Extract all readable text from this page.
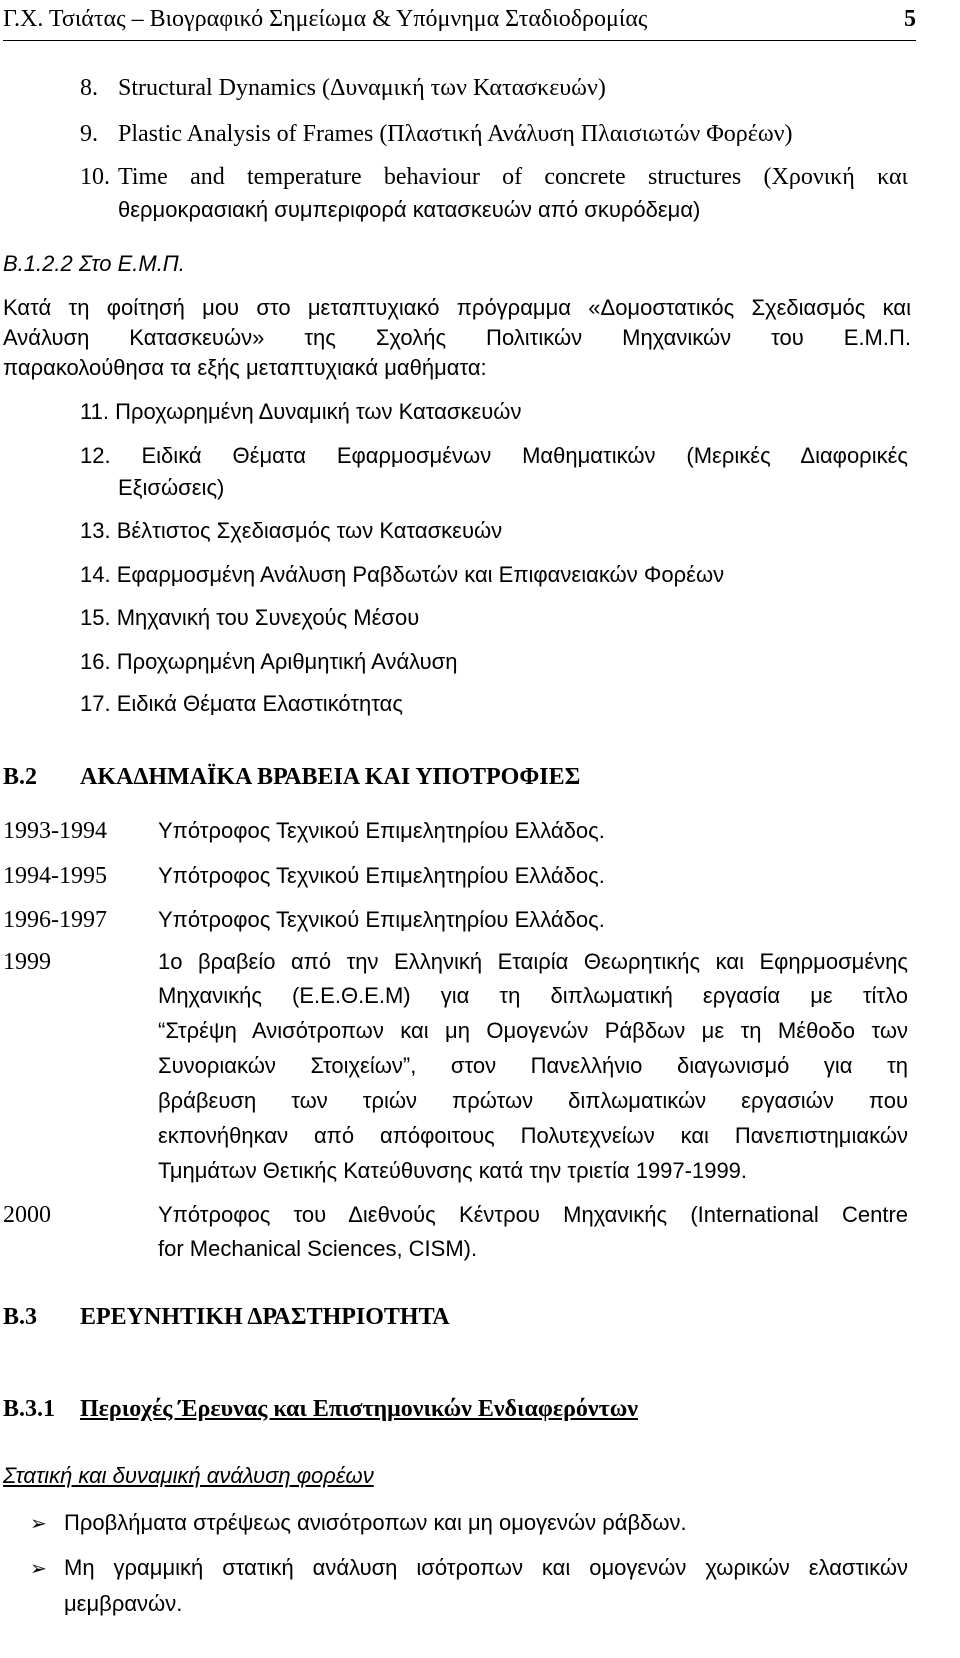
Γ.Χ. Τσιάτας – Βιογραφικό Σημείωμα & Υπόμνημα Σταδιοδρομίας	5
8. Structural Dynamics (Δυναμική των Κατασκευών)
9. Plastic Analysis of Frames (Πλαστική Ανάλυση Πλαισιωτών Φορέων)
10. Time and temperature behaviour of concrete structures (Χρονική και
θερμοκρασιακή συμπεριφορά κατασκευών από σκυρόδεμα)
Β.1.2.2 Στο Ε.Μ.Π.
Κατά τη φοίτησή μου στο μεταπτυχιακό πρόγραμμα «Δομοστατικός Σχεδιασμός και
Ανάλυση Κατασκευών» της Σχολής Πολιτικών Μηχανικών του Ε.Μ.Π.
παρακολούθησα τα εξής μεταπτυχιακά μαθήματα:
11. Προχωρημένη Δυναμική των Κατασκευών
12. Ειδικά Θέματα Εφαρμοσμένων Μαθηματικών (Μερικές Διαφορικές
Εξισώσεις)
13. Βέλτιστος Σχεδιασμός των Κατασκευών
14. Εφαρμοσμένη Ανάλυση Ραβδωτών και Επιφανειακών Φορέων
15. Μηχανική του Συνεχούς Μέσου
16. Προχωρημένη Αριθμητική Ανάλυση
17. Ειδικά Θέματα Ελαστικότητας
Β.2 ΑΚΑΔΗΜΑΪΚΑ ΒΡΑΒΕΙΑ ΚΑΙ ΥΠΟΤΡΟΦΙΕΣ
1993-1994 Υπότροφος Τεχνικού Επιμελητηρίου Ελλάδος.
1994-1995 Υπότροφος Τεχνικού Επιμελητηρίου Ελλάδος.
1996-1997 Υπότροφος Τεχνικού Επιμελητηρίου Ελλάδος.
1999	1ο βραβείο από την Ελληνική Εταιρία Θεωρητικής και Εφηρμοσμένης
Μηχανικής (Ε.Ε.Θ.Ε.Μ) για τη διπλωματική εργασία με τίτλο
“Στρέψη Ανισότροπων και μη Ομογενών Ράβδων με τη Μέθοδο των
Συνοριακών Στοιχείων”, στον Πανελλήνιο διαγωνισμό για τη
βράβευση των τριών πρώτων διπλωματικών εργασιών που
εκπονήθηκαν από απόφοιτους Πολυτεχνείων και Πανεπιστημιακών
Τμημάτων Θετικής Κατεύθυνσης κατά την τριετία 1997-1999.
2000	Υπότροφος του Διεθνούς Κέντρου Μηχανικής (International Centre
for Mechanical Sciences, CISM).
Β.3 ΕΡΕΥΝΗΤΙΚΗ ΔΡΑΣΤΗΡΙΟΤΗΤΑ
Β.3.1 Περιοχές Έρευνας και Επιστημονικών Ενδιαφερόντων
Στατική και δυναμική ανάλυση φορέων
➢ Προβλήματα στρέψεως ανισότροπων και μη ομογενών ράβδων.
➢ Μη γραμμική στατική ανάλυση ισότροπων και ομογενών χωρικών ελαστικών
μεμβρανών.
